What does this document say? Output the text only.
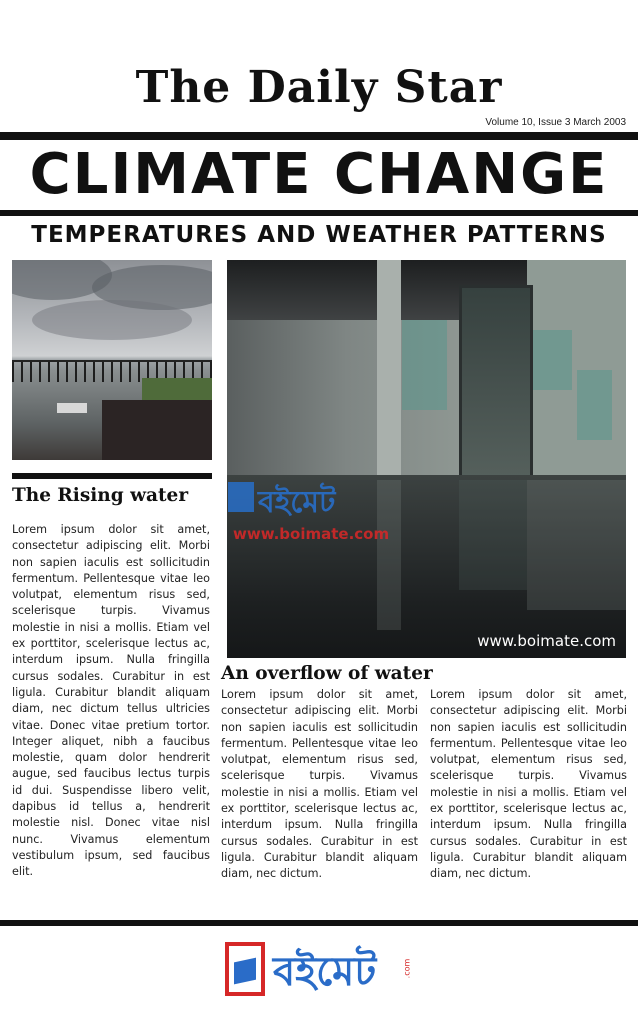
The Daily Star
Volume 10, Issue 3 March 2003
CLIMATE CHANGE
TEMPERATURES AND WEATHER PATTERNS
www.boimate.com
বইমেট
www.boimate.com
The Rising water

Lorem ipsum dolor sit amet, consectetur adipiscing elit. Morbi non sapien iaculis est sollicitudin fermentum. Pellentesque vitae leo volutpat, elementum risus sed, scelerisque turpis. Vivamus molestie in nisi a mollis. Etiam vel ex porttitor, scelerisque lectus ac, interdum ipsum. Nulla fringilla cursus sodales. Curabitur in est ligula. Curabitur blandit aliquam diam, nec dictum tellus ultricies vitae. Donec vitae pretium tortor. Integer aliquet, nibh a faucibus molestie, quam dolor hendrerit augue, sed faucibus lectus turpis id dui. Suspendisse libero velit, dapibus id tellus a, hendrerit molestie nisl. Donec vitae nisl nunc. Vivamus elementum vestibulum ipsum, sed faucibus elit.

An overflow of water

Lorem ipsum dolor sit amet, consectetur adipiscing elit. Morbi non sapien iaculis est sollicitudin fermentum. Pellentesque vitae leo volutpat, elementum risus sed, scelerisque turpis. Vivamus molestie in nisi a mollis. Etiam vel ex porttitor, scelerisque lectus ac, interdum ipsum. Nulla fringilla cursus sodales. Curabitur in est ligula. Curabitur blandit aliquam diam, nec dictum.

Lorem ipsum dolor sit amet, consectetur adipiscing elit. Morbi non sapien iaculis est sollicitudin fermentum. Pellentesque vitae leo volutpat, elementum risus sed, scelerisque turpis. Vivamus molestie in nisi a mollis. Etiam vel ex porttitor, scelerisque lectus ac, interdum ipsum. Nulla fringilla cursus sodales. Curabitur in est ligula. Curabitur blandit aliquam diam, nec dictum.

বইমেট	.com
